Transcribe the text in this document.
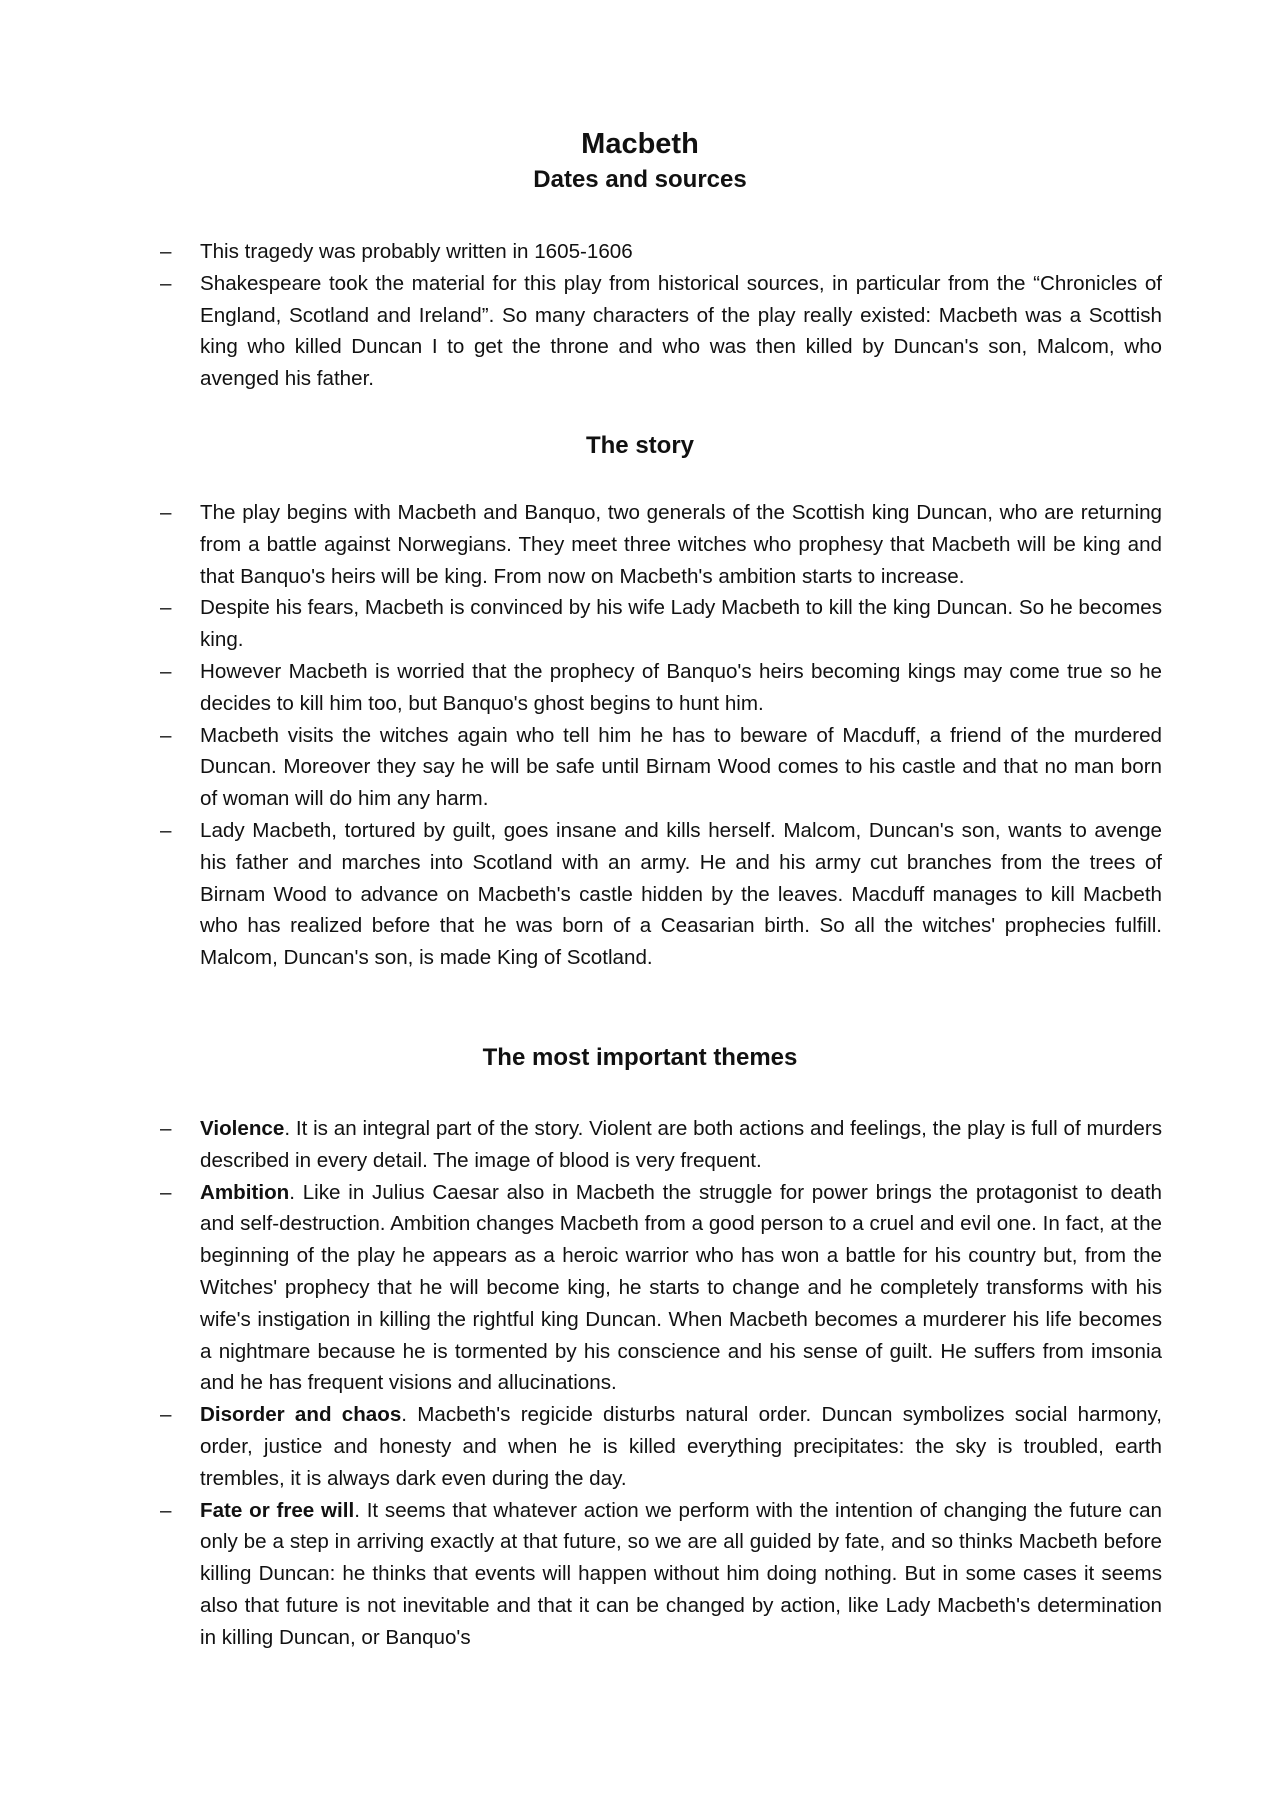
Macbeth
Dates and sources
–	This tragedy was probably written in 1605-1606
–	Shakespeare took the material for this play from historical sources, in particular from the “Chronicles of England, Scotland and Ireland”. So many characters of the play really existed: Macbeth was a Scottish king who killed Duncan I to get the throne and who was then killed by Duncan's son, Malcom, who avenged his father.
The story
–	The play begins with Macbeth and Banquo, two generals of the Scottish king Duncan, who are returning from a battle against Norwegians. They meet three witches who prophesy that Macbeth will be king and that Banquo's heirs will be king. From now on Macbeth's ambition starts to increase.
–	Despite his fears, Macbeth is convinced by his wife Lady Macbeth to kill the king Duncan. So he becomes king.
–	However Macbeth is worried that the prophecy of Banquo's heirs becoming kings may come true so he decides to kill him too, but Banquo's ghost begins to hunt him.
–	Macbeth visits the witches again who tell him he has to beware of Macduff, a friend of the murdered Duncan. Moreover they say he will be safe until Birnam Wood comes to his castle and that no man born of woman will do him any harm.
–	Lady Macbeth, tortured by guilt, goes insane and kills herself. Malcom, Duncan's son, wants to avenge his father and marches into Scotland with an army. He and his army cut branches from the trees of Birnam Wood to advance on Macbeth's castle hidden by the leaves. Macduff manages to kill Macbeth who has realized before that he was born of a Ceasarian birth. So all the witches' prophecies fulfill. Malcom, Duncan's son, is made King of Scotland.
The most important themes
–	Violence. It is an integral part of the story. Violent are both actions and feelings, the play is full of murders described in every detail. The image of blood is very frequent.
–	Ambition. Like in Julius Caesar also in Macbeth the struggle for power brings the protagonist to death and self-destruction. Ambition changes Macbeth from a good person to a cruel and evil one. In fact, at the beginning of the play he appears as a heroic warrior who has won a battle for his country but, from the Witches' prophecy that he will become king, he starts to change and he completely transforms with his wife's instigation in killing the rightful king Duncan. When Macbeth becomes a murderer his life becomes a nightmare because he is tormented by his conscience and his sense of guilt. He suffers from imsonia and he has frequent visions and allucinations.
–	Disorder and chaos. Macbeth's regicide disturbs natural order. Duncan symbolizes social harmony, order, justice and honesty and when he is killed everything precipitates: the sky is troubled, earth trembles, it is always dark even during the day.
–	Fate or free will. It seems that whatever action we perform with the intention of changing the future can only be a step in arriving exactly at that future, so we are all guided by fate, and so thinks Macbeth before killing Duncan: he thinks that events will happen without him doing nothing. But in some cases it seems also that future is not inevitable and that it can be changed by action, like Lady Macbeth's determination in killing Duncan, or Banquo's
